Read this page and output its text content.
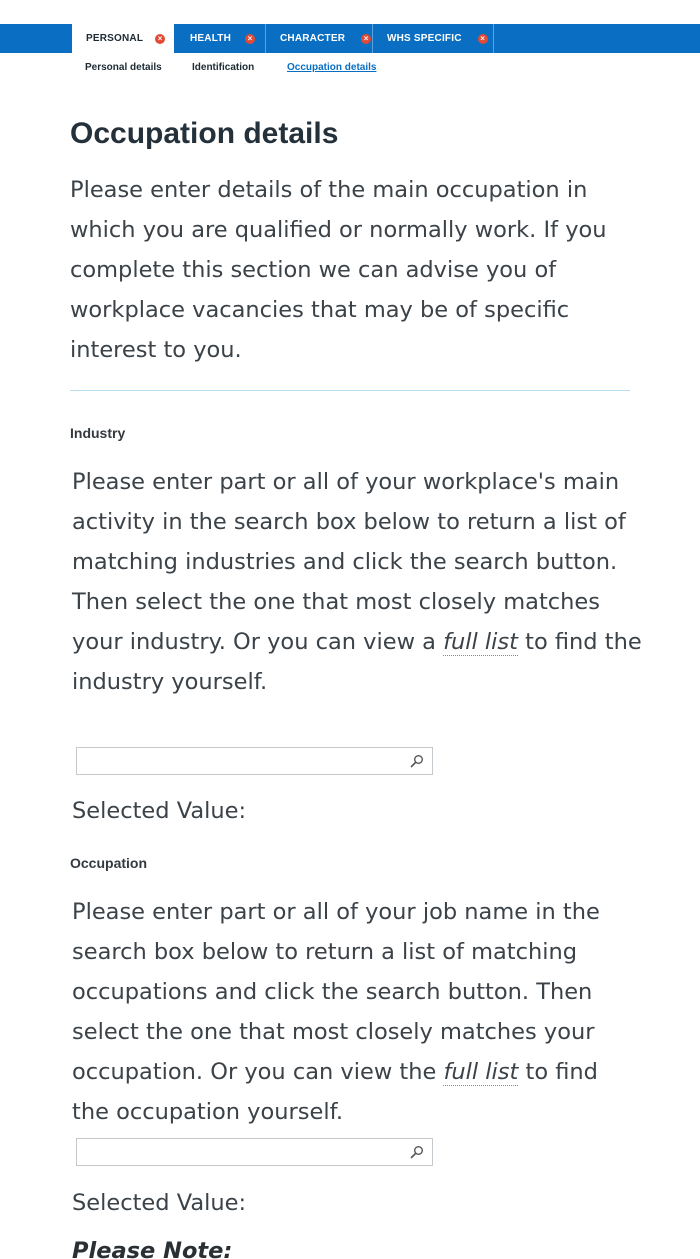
PERSONAL	×	HEALTH	×	CHARACTER	× WHS SPECIFIC	×
Personal details	Identification	Occupation details
Occupation details

Please enter details of the main occupation in which you are qualified or normally work. If you complete this section we can advise you of workplace vacancies that may be of specific interest to you.

Industry

Please enter part or all of your workplace's main activity in the search box below to return a list of matching industries and click the search button. Then select the one that most closely matches your industry. Or you can view a full list to find the industry yourself.

Selected Value:
Occupation

Please enter part or all of your job name in the search box below to return a list of matching occupations and click the search button. Then select the one that most closely matches your occupation. Or you can view the full list to find the occupation yourself.

Selected Value:
Please Note:
